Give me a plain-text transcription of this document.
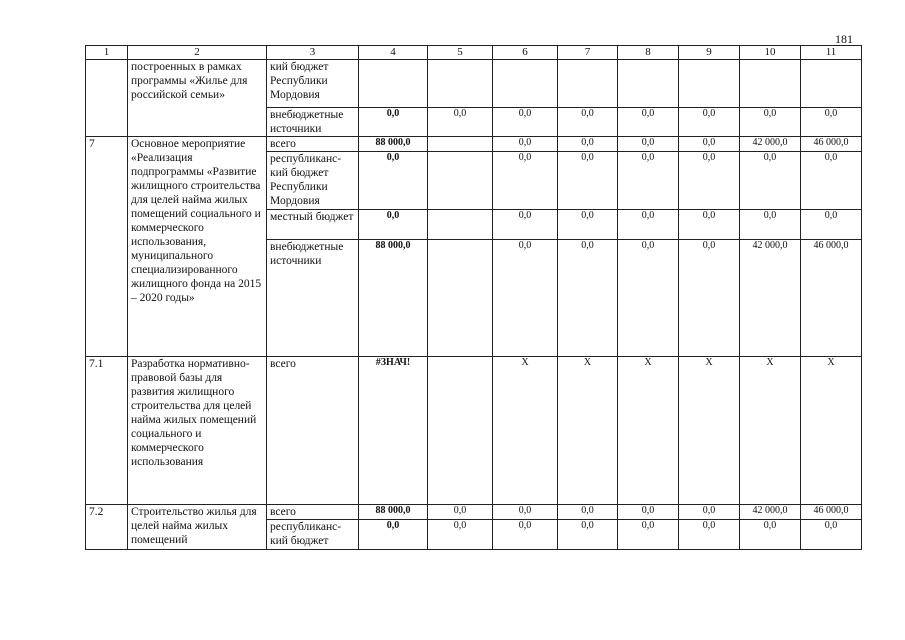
181
1	2	3	4	5	6	7	8	9	10	11
	построенных в рамках программы «Жилье для российской семьи»	кий бюджет Республики Мордовия								
		внебюджетные источники	0,0	0,0	0,0	0,0	0,0	0,0	0,0	0,0
7	Основное мероприятие «Реализация подпрограммы «Развитие жилищного строительства для целей найма жилых помещений социального и коммерческого использования, муниципального специализированного жилищного фонда на 2015 – 2020 годы»	всего	88 000,0		0,0	0,0	0,0	0,0	42 000,0	46 000,0
		республиканс-кий бюджет Республики Мордовия	0,0		0,0	0,0	0,0	0,0	0,0	0,0
		местный бюджет	0,0		0,0	0,0	0,0	0,0	0,0	0,0
		внебюджетные источники	88 000,0		0,0	0,0	0,0	0,0	42 000,0	46 000,0
7.1	Разработка нормативно-правовой базы для развития жилищного строительства для целей найма жилых помещений социального и коммерческого использования	всего	#ЗНАЧ!		Х	Х	Х	Х	Х	Х
7.2	Строительство жилья для целей найма жилых помещений	всего	88 000,0	0,0	0,0	0,0	0,0	0,0	42 000,0	46 000,0
		республиканс-кий бюджет	0,0	0,0	0,0	0,0	0,0	0,0	0,0	0,0
